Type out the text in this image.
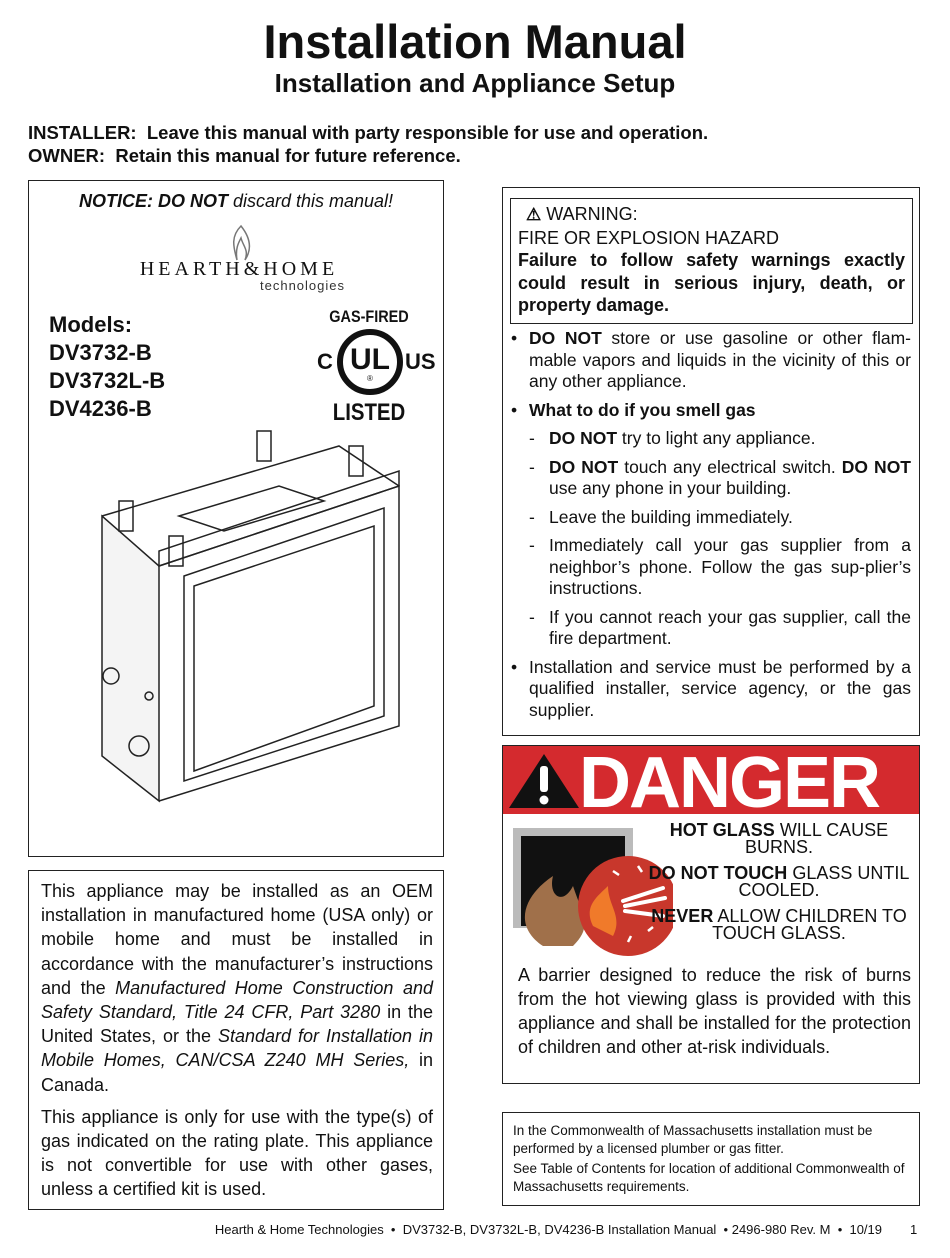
Installation Manual
Installation and Appliance Setup
INSTALLER: Leave this manual with party responsible for use and operation.
OWNER: Retain this manual for future reference.
NOTICE: DO NOT discard this manual!
HEARTH&HOME
technologies
Models:
DV3732-B
DV3732L-B
DV4236-B
GAS-FIRED
UL
®
C	US
LISTED

This appliance may be installed as an OEM installation in manufactured home (USA only) or mobile home and must be installed in accordance with the manufacturer’s instructions and the Manufactured Home Construction and Safety Standard, Title 24 CFR, Part 3280 in the United States, or the Standard for Installation in Mobile Homes, CAN/CSA Z240 MH Series, in Canada.

This appliance is only for use with the type(s) of gas indicated on the rating plate. This appliance is not convertible for use with other gases, unless a certified kit is used.

⚠ WARNING:
FIRE OR EXPLOSION HAZARD
Failure to follow safety warnings exactly could result in serious injury, death, or property damage.
• DO NOT store or use gasoline or other flam-mable vapors and liquids in the vicinity of this or any other appliance.
• What to do if you smell gas
- DO NOT try to light any appliance.
- DO NOT touch any electrical switch. DO NOT use any phone in your building.
- Leave the building immediately.
- Immediately call your gas supplier from a neighbor’s phone. Follow the gas sup-plier’s instructions.
- If you cannot reach your gas supplier, call the fire department.
• Installation and service must be performed by a qualified installer, service agency, or the gas supplier.
DANGER

HOT GLASS WILL CAUSE BURNS.

DO NOT TOUCH GLASS UNTIL COOLED.

NEVER ALLOW CHILDREN TO TOUCH GLASS.

A barrier designed to reduce the risk of burns from the hot viewing glass is provided with this appliance and shall be installed for the protection of children and other at-risk individuals.

In the Commonwealth of Massachusetts installation must be performed by a licensed plumber or gas fitter.

See Table of Contents for location of additional Commonwealth of Massachusetts requirements.

Hearth & Home Technologies  •  DV3732-B, DV3732L-B, DV4236-B Installation Manual  • 2496-980 Rev. M  •  10/19 1
